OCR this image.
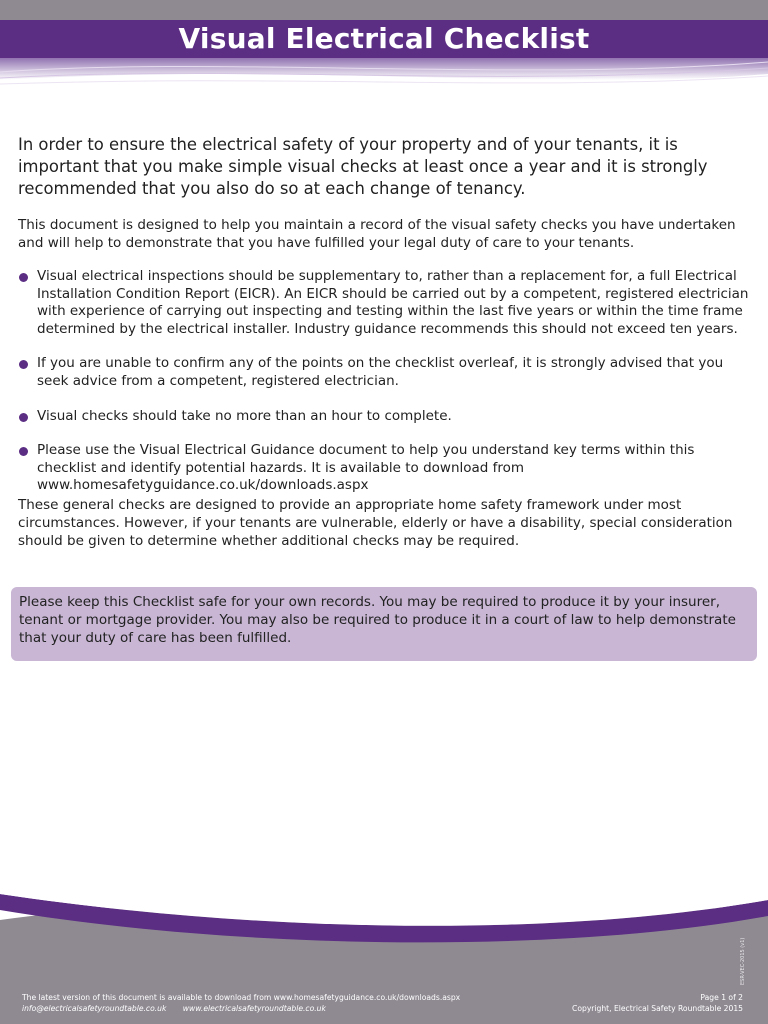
Visual Electrical Checklist
In order to ensure the electrical safety of your property and of your tenants, it is important that you make simple visual checks at least once a year and it is strongly recommended that you also do so at each change of tenancy.
This document is designed to help you maintain a record of the visual safety checks you have undertaken and will help to demonstrate that you have fulfilled your legal duty of care to your tenants.
Visual electrical inspections should be supplementary to, rather than a replacement for, a full Electrical Installation Condition Report (EICR). An EICR should be carried out by a competent, registered electrician with experience of carrying out inspecting and testing within the last five years or within the time frame determined by the electrical installer. Industry guidance recommends this should not exceed ten years.
If you are unable to confirm any of the points on the checklist overleaf, it is strongly advised that you seek advice from a competent, registered electrician.
Visual checks should take no more than an hour to complete.
Please use the Visual Electrical Guidance document to help you understand key terms within this checklist and identify potential hazards. It is available to download from www.homesafetyguidance.co.uk/downloads.aspx
These general checks are designed to provide an appropriate home safety framework under most circumstances. However, if your tenants are vulnerable, elderly or have a disability, special consideration should be given to determine whether additional checks may be required.
Please keep this Checklist safe for your own records. You may be required to produce it by your insurer, tenant or mortgage provider. You may also be required to produce it in a court of law to help demonstrate that your duty of care has been fulfilled.
The latest version of this document is available to download from www.homesafetyguidance.co.uk/downloads.aspx
info@electricalsafetyroundtable.co.uk www.electricalsafetyroundtable.co.uk
Page 1 of 2
Copyright, Electrical Safety Roundtable 2015
ESR-VEC-2015 (v1)
